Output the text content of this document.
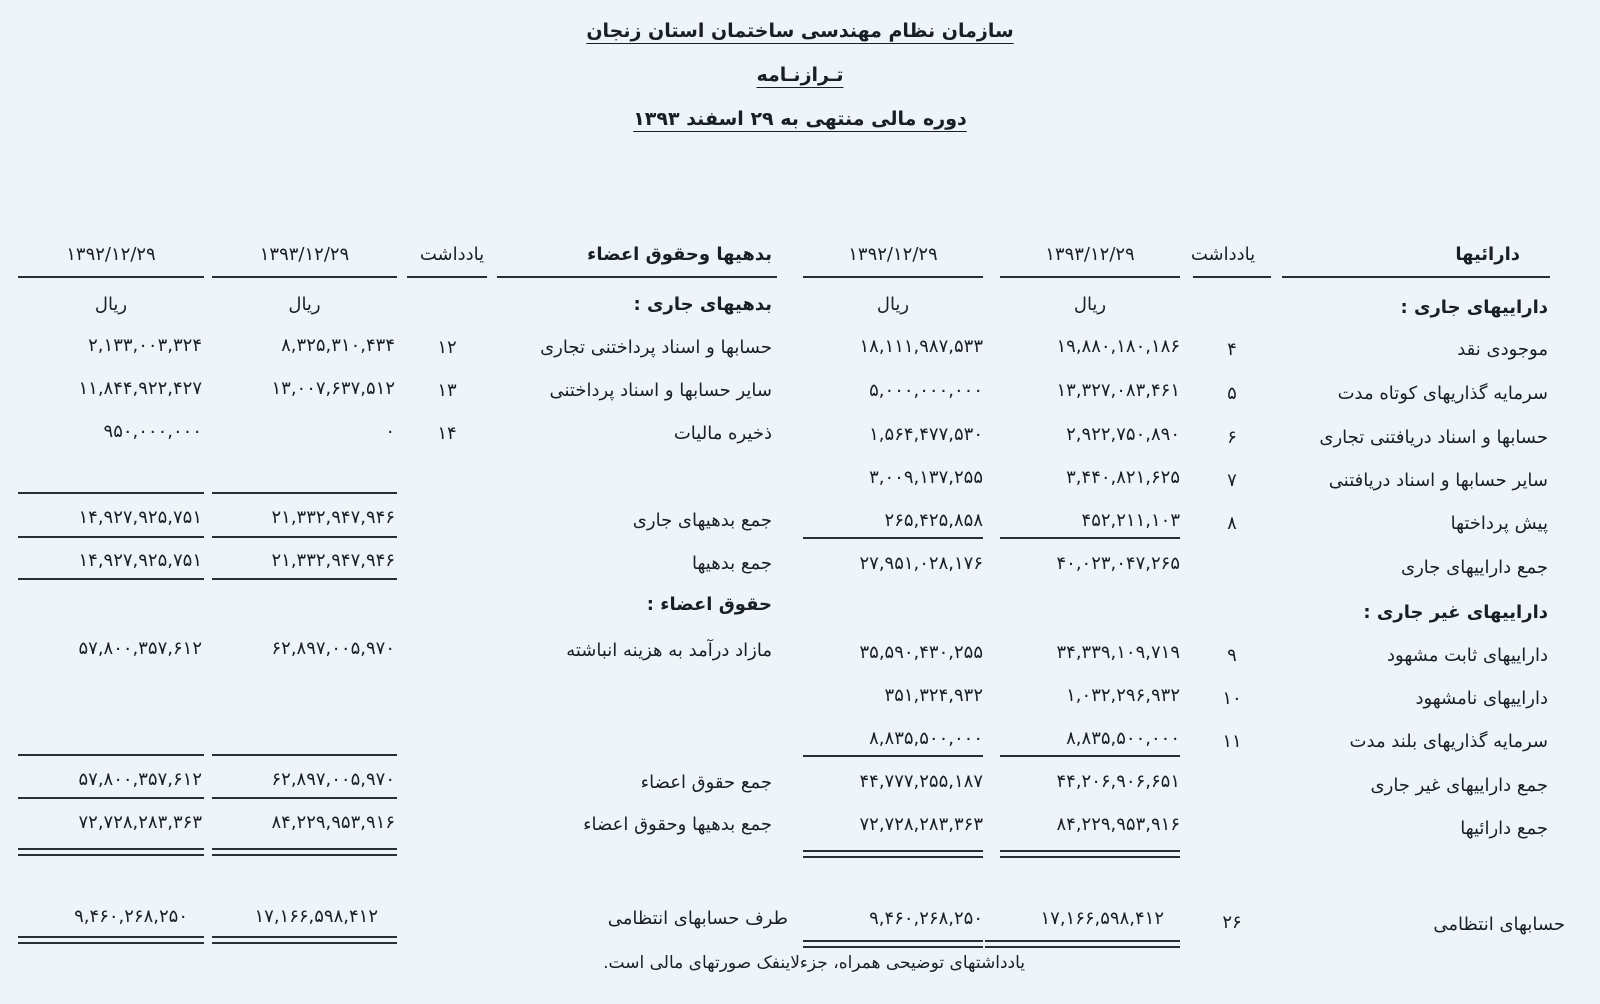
سازمان نظام مهندسی ساختمان استان زنجان
تـرازنـامه
دوره مالی منتهی به ۲۹ اسفند ۱۳۹۳
دارائیها
یادداشت
۱۳۹۳/۱۲/۲۹
۱۳۹۲/۱۲/۲۹
ریال
ریال	داراییهای جاری :
موجودی نقد
۴
۱۹,۸۸۰,۱۸۰,۱۸۶
۱۸,۱۱۱,۹۸۷,۵۳۳
سرمایه گذاریهای کوتاه مدت
۵
۱۳,۳۲۷,۰۸۳,۴۶۱
۵,۰۰۰,۰۰۰,۰۰۰
حسابها و اسناد دریافتنی تجاری
۶
۲,۹۲۲,۷۵۰,۸۹۰
۱,۵۶۴,۴۷۷,۵۳۰
سایر حسابها و اسناد دریافتنی
۷
۳,۴۴۰,۸۲۱,۶۲۵
۳,۰۰۹,۱۳۷,۲۵۵
پیش پرداختها
۸
۴۵۲,۲۱۱,۱۰۳
۲۶۵,۴۲۵,۸۵۸
جمع داراییهای جاری
۴۰,۰۲۳,۰۴۷,۲۶۵
۲۷,۹۵۱,۰۲۸,۱۷۶
داراییهای غیر جاری :
داراییهای ثابت مشهود
۹
۳۴,۳۳۹,۱۰۹,۷۱۹
۳۵,۵۹۰,۴۳۰,۲۵۵
داراییهای نامشهود
۱۰
۱,۰۳۲,۲۹۶,۹۳۲
۳۵۱,۳۲۴,۹۳۲
سرمایه گذاریهای بلند مدت
۱۱
۸,۸۳۵,۵۰۰,۰۰۰
۸,۸۳۵,۵۰۰,۰۰۰
جمع داراییهای غیر جاری
۴۴,۲۰۶,۹۰۶,۶۵۱
۴۴,۷۷۷,۲۵۵,۱۸۷
جمع دارائیها
۸۴,۲۲۹,۹۵۳,۹۱۶
۷۲,۷۲۸,۲۸۳,۳۶۳
حسابهای انتظامی
۲۶
۱۷,۱۶۶,۵۹۸,۴۱۲
۹,۴۶۰,۲۶۸,۲۵۰
بدهیها وحقوق اعضاء
یادداشت
۱۳۹۳/۱۲/۲۹
۱۳۹۲/۱۲/۲۹
ریال
ریال	بدهیهای جاری :
حسابها و اسناد پرداختنی تجاری
۱۲
۸,۳۲۵,۳۱۰,۴۳۴
۲,۱۳۳,۰۰۳,۳۲۴
سایر حسابها و اسناد پرداختنی
۱۳
۱۳,۰۰۷,۶۳۷,۵۱۲
۱۱,۸۴۴,۹۲۲,۴۲۷
ذخیره مالیات
۱۴
۰
۹۵۰,۰۰۰,۰۰۰
جمع بدهیهای جاری
۲۱,۳۳۲,۹۴۷,۹۴۶
۱۴,۹۲۷,۹۲۵,۷۵۱
جمع بدهیها
۲۱,۳۳۲,۹۴۷,۹۴۶
۱۴,۹۲۷,۹۲۵,۷۵۱
حقوق اعضاء :
مازاد درآمد به هزینه انباشته
۶۲,۸۹۷,۰۰۵,۹۷۰
۵۷,۸۰۰,۳۵۷,۶۱۲
جمع حقوق اعضاء
۶۲,۸۹۷,۰۰۵,۹۷۰
۵۷,۸۰۰,۳۵۷,۶۱۲
جمع بدهیها وحقوق اعضاء
۸۴,۲۲۹,۹۵۳,۹۱۶
۷۲,۷۲۸,۲۸۳,۳۶۳
طرف حسابهای انتظامی
۱۷,۱۶۶,۵۹۸,۴۱۲
۹,۴۶۰,۲۶۸,۲۵۰
یادداشتهای توضیحی همراه، جزءلاینفک صورتهای مالی است.
